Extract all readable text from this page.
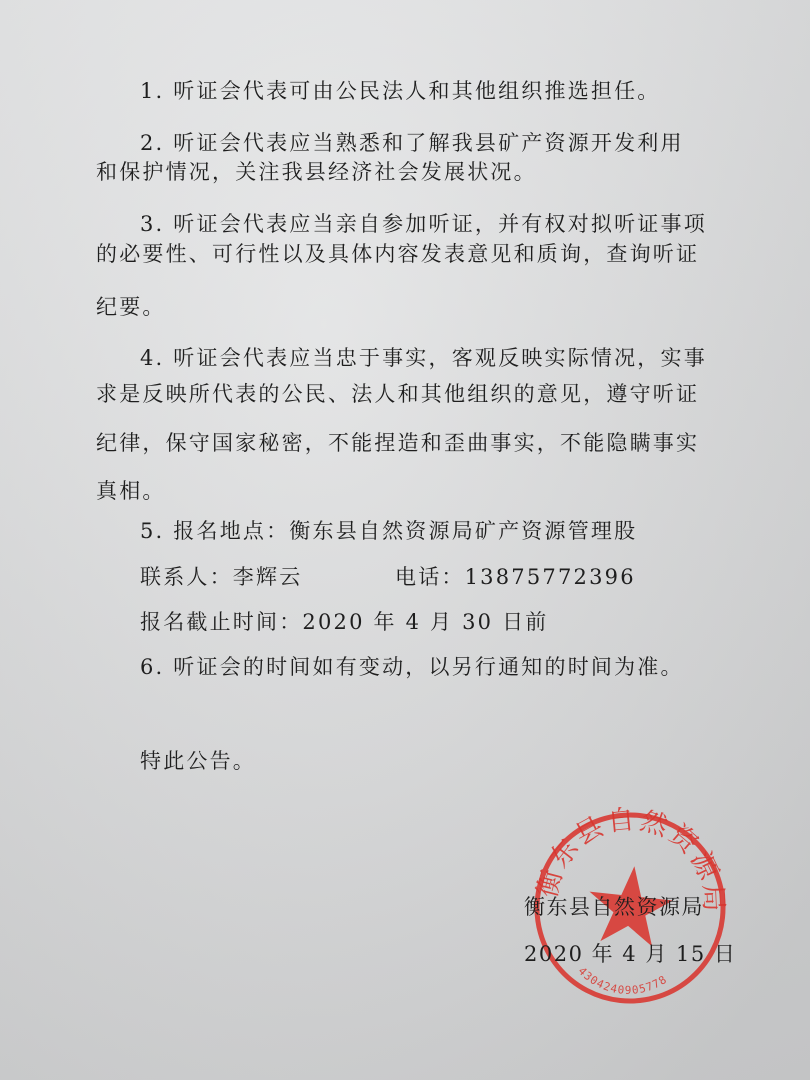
1. 听证会代表可由公民法人和其他组织推选担任。
2. 听证会代表应当熟悉和了解我县矿产资源开发利用
和保护情况，关注我县经济社会发展状况。
3. 听证会代表应当亲自参加听证，并有权对拟听证事项
的必要性、可行性以及具体内容发表意见和质询，查询听证
纪要。
4. 听证会代表应当忠于事实，客观反映实际情况，实事
求是反映所代表的公民、法人和其他组织的意见，遵守听证
纪律，保守国家秘密，不能捏造和歪曲事实，不能隐瞒事实
真相。
5. 报名地点：衡东县自然资源局矿产资源管理股
联系人：李辉云	电话：13875772396
报名截止时间：2020 年 4 月 30 日前
6. 听证会的时间如有变动，以另行通知的时间为准。
特此公告。
衡东县自然资源局
4304240905778
衡东县自然资源局
2020 年 4 月 15 日
